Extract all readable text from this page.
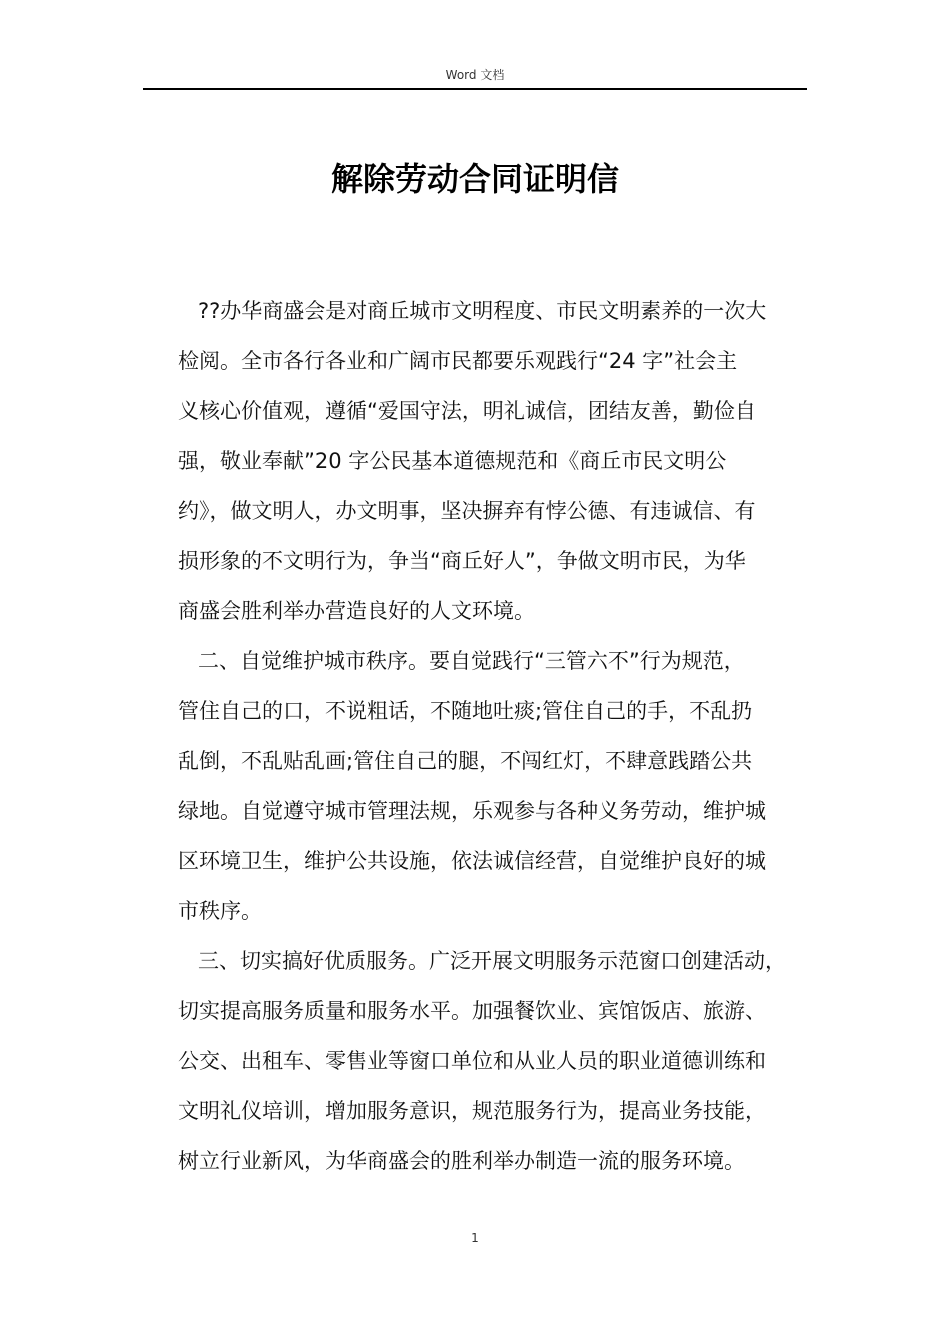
Word 文档
解除劳动合同证明信
??办华商盛会是对商丘城市文明程度、市民文明素养的一次大
检阅。全市各行各业和广阔市民都要乐观践行“24 字”社会主
义核心价值观，遵循“爱国守法，明礼诚信，团结友善，勤俭自
强，敬业奉献”20 字公民基本道德规范和《商丘市民文明公
约》，做文明人，办文明事，坚决摒弃有悖公德、有违诚信、有
损形象的不文明行为，争当“商丘好人”，争做文明市民，为华
商盛会胜利举办营造良好的人文环境。
二、自觉维护城市秩序。要自觉践行“三管六不”行为规范，
管住自己的口，不说粗话，不随地吐痰;管住自己的手，不乱扔
乱倒，不乱贴乱画;管住自己的腿，不闯红灯，不肆意践踏公共
绿地。自觉遵守城市管理法规，乐观参与各种义务劳动，维护城
区环境卫生，维护公共设施，依法诚信经营，自觉维护良好的城
市秩序。
三、切实搞好优质服务。广泛开展文明服务示范窗口创建活动，
切实提高服务质量和服务水平。加强餐饮业、宾馆饭店、旅游、
公交、出租车、零售业等窗口单位和从业人员的职业道德训练和
文明礼仪培训，增加服务意识，规范服务行为，提高业务技能，
树立行业新风，为华商盛会的胜利举办制造一流的服务环境。
1
